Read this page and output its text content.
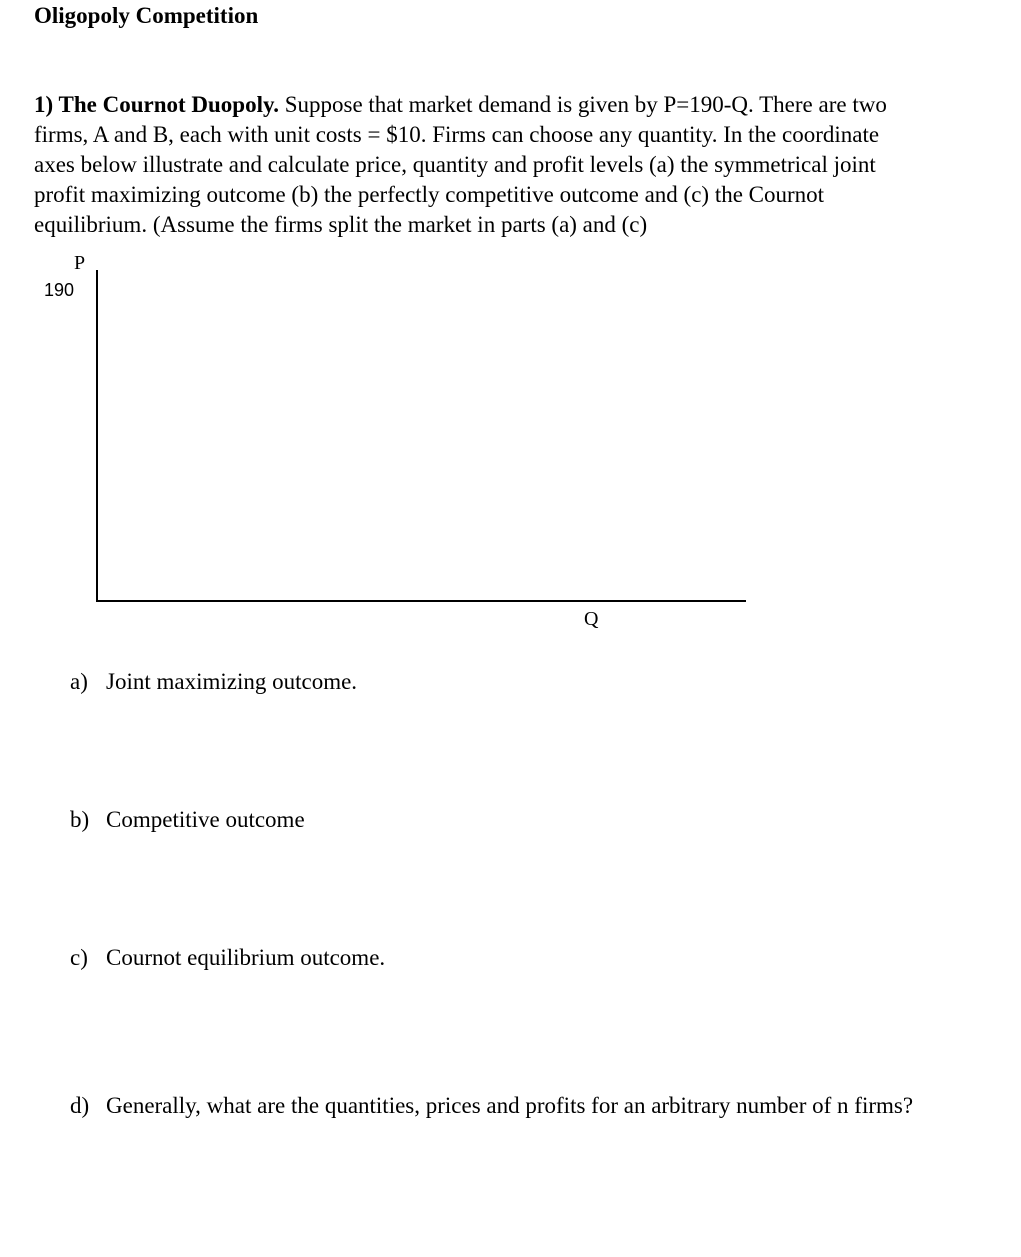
Oligopoly Competition
1) The Cournot Duopoly. Suppose that market demand is given by P=190-Q. There are two
firms, A and B, each with unit costs = $10. Firms can choose any quantity. In the coordinate
axes below illustrate and calculate price, quantity and profit levels (a) the symmetrical joint
profit maximizing outcome (b) the perfectly competitive outcome and (c) the Cournot
equilibrium. (Assume the firms split the market in parts (a) and (c)
P
190
Q
a) Joint maximizing outcome.
b) Competitive outcome
c) Cournot equilibrium outcome.
d) Generally, what are the quantities, prices and profits for an arbitrary number of n firms?
